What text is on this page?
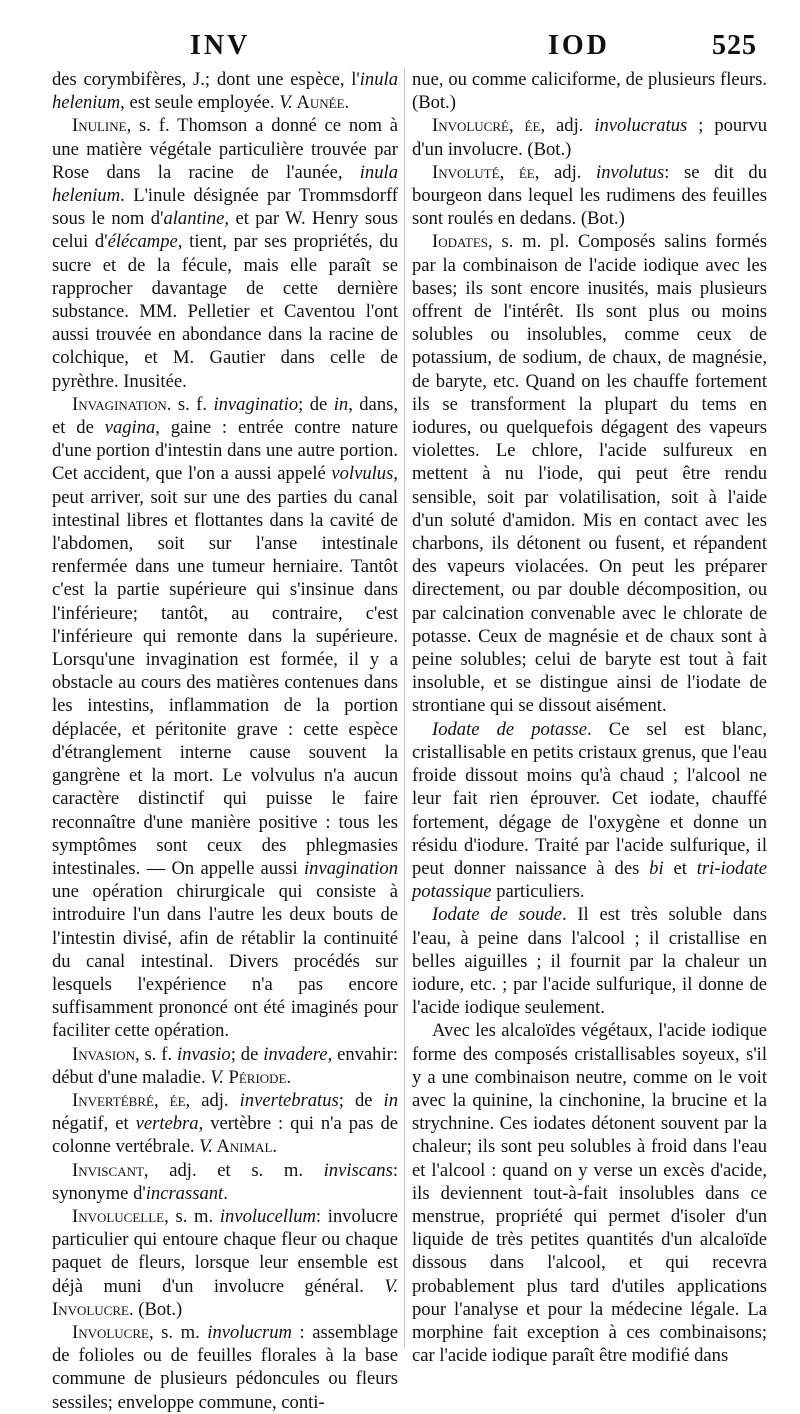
INV	IOD	525

des corymbifères, J.; dont une espèce, l'inula helenium, est seule employée. V. Aunée.

Inuline, s. f. Thomson a donné ce nom à une matière végétale particulière trouvée par Rose dans la racine de l'aunée, inula helenium. L'inule désignée par Trommsdorff sous le nom d'alantine, et par W. Henry sous celui d'élécampe, tient, par ses propriétés, du sucre et de la fécule, mais elle paraît se rapprocher davantage de cette dernière substance. MM. Pelletier et Caventou l'ont aussi trouvée en abondance dans la racine de colchique, et M. Gautier dans celle de pyrèthre. Inusitée.

Invagination. s. f. invaginatio; de in, dans, et de vagina, gaine : entrée contre nature d'une portion d'intestin dans une autre portion. Cet accident, que l'on a aussi appelé volvulus, peut arriver, soit sur une des parties du canal intestinal libres et flottantes dans la cavité de l'abdomen, soit sur l'anse intestinale renfermée dans une tumeur herniaire. Tantôt c'est la partie supérieure qui s'insinue dans l'inférieure; tantôt, au contraire, c'est l'inférieure qui remonte dans la supérieure. Lorsqu'une invagination est formée, il y a obstacle au cours des matières contenues dans les intestins, inflammation de la portion déplacée, et péritonite grave : cette espèce d'étranglement interne cause souvent la gangrène et la mort. Le volvulus n'a aucun caractère distinctif qui puisse le faire reconnaître d'une manière positive : tous les symptômes sont ceux des phlegmasies intestinales. — On appelle aussi invagination une opération chirurgicale qui consiste à introduire l'un dans l'autre les deux bouts de l'intestin divisé, afin de rétablir la continuité du canal intestinal. Divers procédés sur lesquels l'expérience n'a pas encore suffisamment prononcé ont été imaginés pour faciliter cette opération.

Invasion, s. f. invasio; de invadere, envahir: début d'une maladie. V. Période.

Invertébré, ée, adj. invertebratus; de in négatif, et vertebra, vertèbre : qui n'a pas de colonne vertébrale. V. Animal.

Inviscant, adj. et s. m. inviscans: synonyme d'incrassant.

Involucelle, s. m. involucellum: involucre particulier qui entoure chaque fleur ou chaque paquet de fleurs, lorsque leur ensemble est déjà muni d'un involucre général. V. Involucre. (Bot.)

Involucre, s. m. involucrum : assemblage de folioles ou de feuilles florales à la base commune de plusieurs pédoncules ou fleurs sessiles; enveloppe commune, conti-

nue, ou comme caliciforme, de plusieurs fleurs. (Bot.)

Involucré, ée, adj. involucratus ; pourvu d'un involucre. (Bot.)

Involuté, ée, adj. involutus: se dit du bourgeon dans lequel les rudimens des feuilles sont roulés en dedans. (Bot.)

Iodates, s. m. pl. Composés salins formés par la combinaison de l'acide iodique avec les bases; ils sont encore inusités, mais plusieurs offrent de l'intérêt. Ils sont plus ou moins solubles ou insolubles, comme ceux de potassium, de sodium, de chaux, de magnésie, de baryte, etc. Quand on les chauffe fortement ils se transforment la plupart du tems en iodures, ou quelquefois dégagent des vapeurs violettes. Le chlore, l'acide sulfureux en mettent à nu l'iode, qui peut être rendu sensible, soit par volatilisation, soit à l'aide d'un soluté d'amidon. Mis en contact avec les charbons, ils détonent ou fusent, et répandent des vapeurs violacées. On peut les préparer directement, ou par double décomposition, ou par calcination convenable avec le chlorate de potasse. Ceux de magnésie et de chaux sont à peine solubles; celui de baryte est tout à fait insoluble, et se distingue ainsi de l'iodate de strontiane qui se dissout aisément.

Iodate de potasse. Ce sel est blanc, cristallisable en petits cristaux grenus, que l'eau froide dissout moins qu'à chaud ; l'alcool ne leur fait rien éprouver. Cet iodate, chauffé fortement, dégage de l'oxygène et donne un résidu d'iodure. Traité par l'acide sulfurique, il peut donner naissance à des bi et tri-iodate potassique particuliers.

Iodate de soude. Il est très soluble dans l'eau, à peine dans l'alcool ; il cristallise en belles aiguilles ; il fournit par la chaleur un iodure, etc. ; par l'acide sulfurique, il donne de l'acide iodique seulement.

Avec les alcaloïdes végétaux, l'acide iodique forme des composés cristallisables soyeux, s'il y a une combinaison neutre, comme on le voit avec la quinine, la cinchonine, la brucine et la strychnine. Ces iodates détonent souvent par la chaleur; ils sont peu solubles à froid dans l'eau et l'alcool : quand on y verse un excès d'acide, ils deviennent tout-à-fait insolubles dans ce menstrue, propriété qui permet d'isoler d'un liquide de très petites quantités d'un alcaloïde dissous dans l'alcool, et qui recevra probablement plus tard d'utiles applications pour l'analyse et pour la médecine légale. La morphine fait exception à ces combinaisons; car l'acide iodique paraît être modifié dans
